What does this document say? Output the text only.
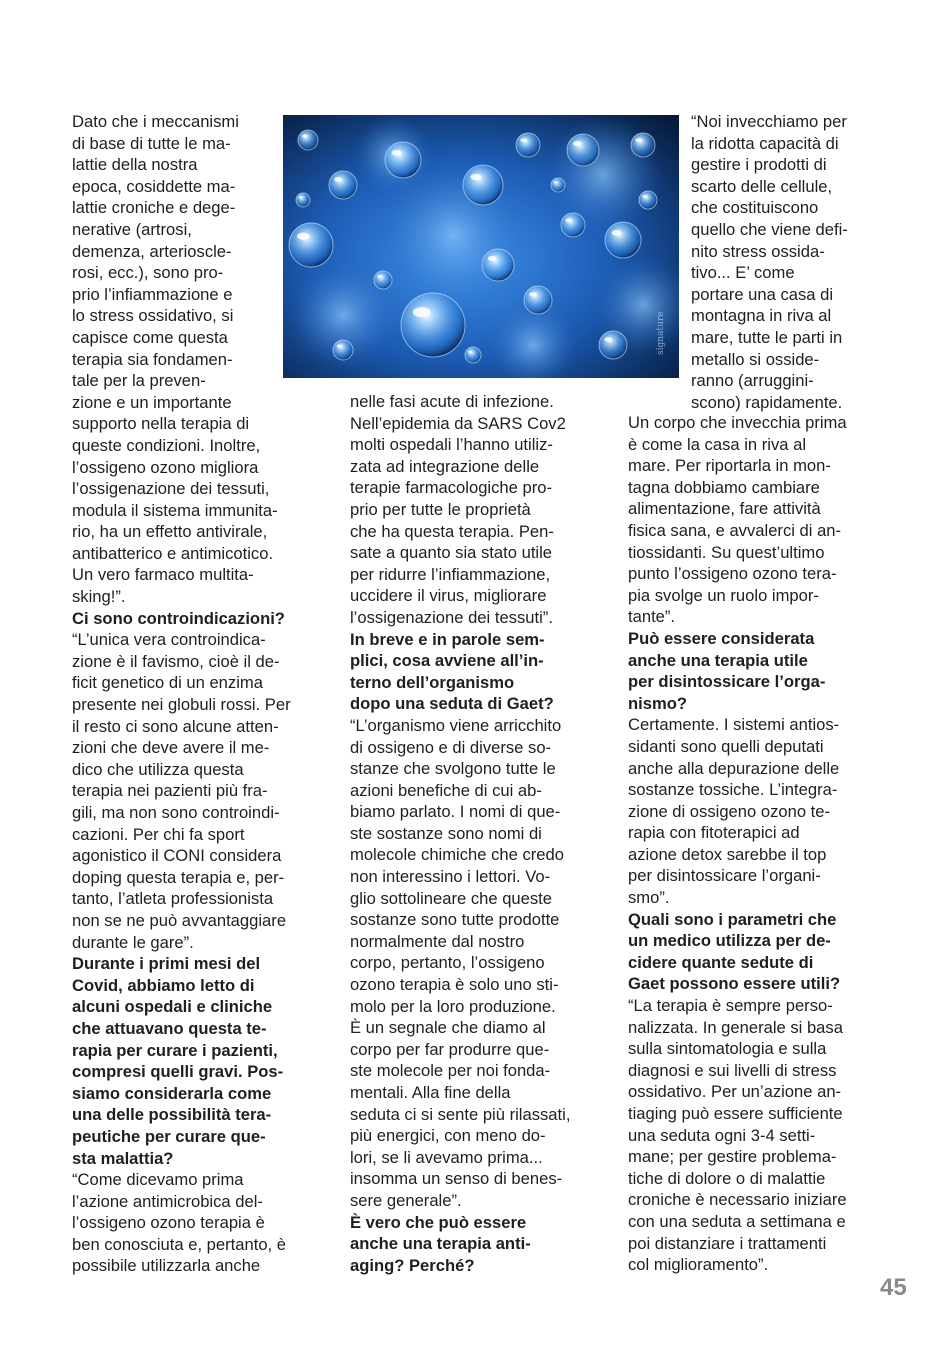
Dato che i meccanismi
di base di tutte le ma-
lattie della nostra
epoca, cosiddette ma-
lattie croniche e dege-
nerative (artrosi,
demenza, arterioscle-
rosi, ecc.), sono pro-
prio l’infiammazione e
lo stress ossidativo, si
capisce come questa
terapia sia fondamen-
tale per la preven-
zione e un importante
supporto nella terapia di
queste condizioni. Inoltre,
l’ossigeno ozono migliora
l’ossigenazione dei tessuti,
modula il sistema immunita-
rio, ha un effetto antivirale,
antibatterico e antimicotico.
Un vero farmaco multita-
sking!”.
Ci sono controindicazioni?
“L’unica vera controindica-
zione è il favismo, cioè il de-
ficit genetico di un enzima
presente nei globuli rossi. Per
il resto ci sono alcune atten-
zioni che deve avere il me-
dico che utilizza questa
terapia nei pazienti più fra-
gili, ma non sono controindi-
cazioni. Per chi fa sport
agonistico il CONI considera
doping questa terapia e, per-
tanto, l’atleta professionista
non se ne può avvantaggiare
durante le gare”.
Durante i primi mesi del
Covid, abbiamo letto di
alcuni ospedali e cliniche
che attuavano questa te-
rapia per curare i pazienti,
compresi quelli gravi. Pos-
siamo considerarla come
una delle possibilità tera-
peutiche per curare que-
sta malattia?
“Come dicevamo prima
l’azione antimicrobica del-
l’ossigeno ozono terapia è
ben conosciuta e, pertanto, è
possibile utilizzarla anche
signature
nelle fasi acute di infezione.
Nell’epidemia da SARS Cov2
molti ospedali l’hanno utiliz-
zata ad integrazione delle
terapie farmacologiche pro-
prio per tutte le proprietà
che ha questa terapia. Pen-
sate a quanto sia stato utile
per ridurre l’infiammazione,
uccidere il virus, migliorare
l’ossigenazione dei tessuti”.
In breve e in parole sem-
plici, cosa avviene all’in-
terno dell’organismo
dopo una seduta di Gaet?
“L’organismo viene arricchito
di ossigeno e di diverse so-
stanze che svolgono tutte le
azioni benefiche di cui ab-
biamo parlato. I nomi di que-
ste sostanze sono nomi di
molecole chimiche che credo
non interessino i lettori. Vo-
glio sottolineare che queste
sostanze sono tutte prodotte
normalmente dal nostro
corpo, pertanto, l’ossigeno
ozono terapia è solo uno sti-
molo per la loro produzione.
È un segnale che diamo al
corpo per far produrre que-
ste molecole per noi fonda-
mentali. Alla fine della
seduta ci si sente più rilassati,
più energici, con meno do-
lori, se li avevamo prima...
insomma un senso di benes-
sere generale”.
È vero che può essere
anche una terapia anti-
aging? Perché?
“Noi invecchiamo per
la ridotta capacità di
gestire i prodotti di
scarto delle cellule,
che costituiscono
quello che viene defi-
nito stress ossida-
tivo... E’ come
portare una casa di
montagna in riva al
mare, tutte le parti in
metallo si osside-
ranno (arruggini-
scono) rapidamente.
Un corpo che invecchia prima
è come la casa in riva al
mare. Per riportarla in mon-
tagna dobbiamo cambiare
alimentazione, fare attività
fisica sana, e avvalerci di an-
tiossidanti. Su quest’ultimo
punto l’ossigeno ozono tera-
pia svolge un ruolo impor-
tante”.
Può essere considerata
anche una terapia utile
per disintossicare l’orga-
nismo?
Certamente. I sistemi antios-
sidanti sono quelli deputati
anche alla depurazione delle
sostanze tossiche. L’integra-
zione di ossigeno ozono te-
rapia con fitoterapici ad
azione detox sarebbe il top
per disintossicare l’organi-
smo”.
Quali sono i parametri che
un medico utilizza per de-
cidere quante sedute di
Gaet possono essere utili?
“La terapia è sempre perso-
nalizzata. In generale si basa
sulla sintomatologia e sulla
diagnosi e sui livelli di stress
ossidativo. Per un’azione an-
tiaging può essere sufficiente
una seduta ogni 3-4 setti-
mane; per gestire problema-
tiche di dolore o di malattie
croniche è necessario iniziare
con una seduta a settimana e
poi distanziare i trattamenti
col miglioramento”.
45
